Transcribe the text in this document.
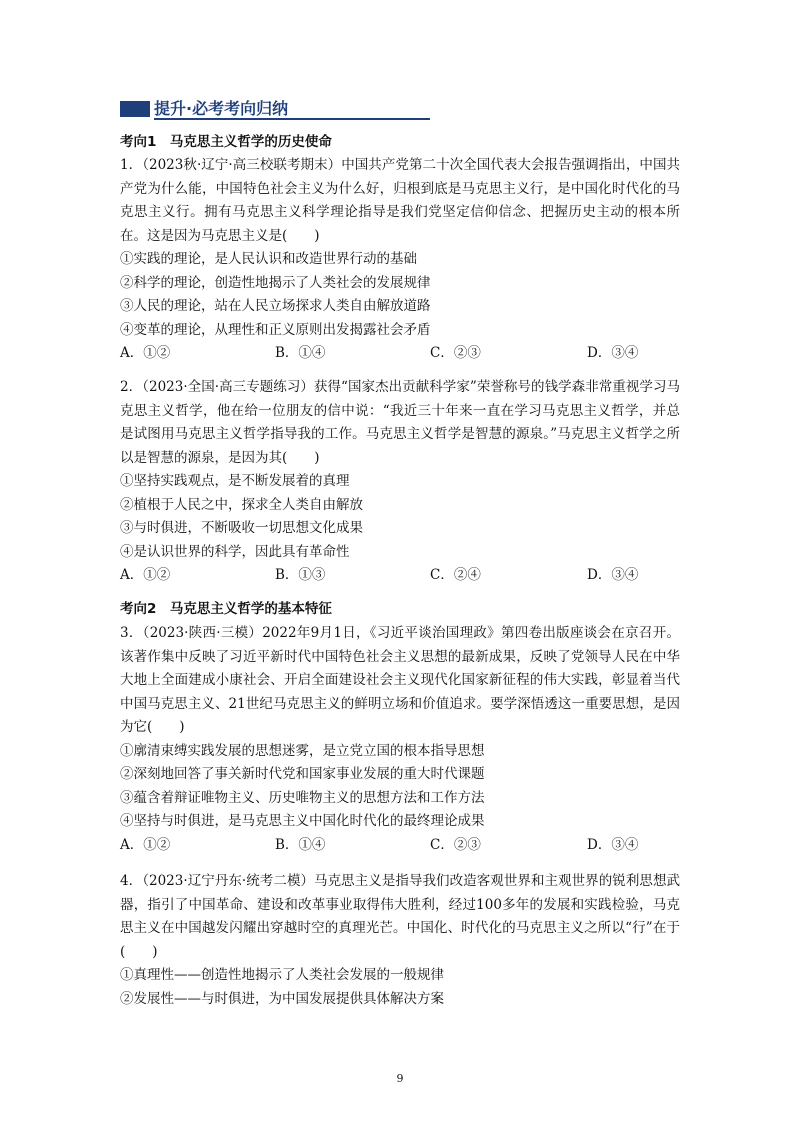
提升·必考考向归纳
考向1  马克思主义哲学的历史使命

1．（2023秋·辽宁·高三校联考期末）中国共产党第二十次全国代表大会报告强调指出，中国共产党为什么能，中国特色社会主义为什么好，归根到底是马克思主义行，是中国化时代化的马克思主义行。拥有马克思主义科学理论指导是我们党坚定信仰信念、把握历史主动的根本所在。这是因为马克思主义是(　　)

①实践的理论，是人民认识和改造世界行动的基础

②科学的理论，创造性地揭示了人类社会的发展规律

③人民的理论，站在人民立场探求人类自由解放道路

④变革的理论，从理性和正义原则出发揭露社会矛盾

A．①②	B．①④	C．②③	D．③④

2．（2023·全国·高三专题练习）获得“国家杰出贡献科学家”荣誉称号的钱学森非常重视学习马克思主义哲学，他在给一位朋友的信中说：“我近三十年来一直在学习马克思主义哲学，并总是试图用马克思主义哲学指导我的工作。马克思主义哲学是智慧的源泉。”马克思主义哲学之所以是智慧的源泉，是因为其(　　)

①坚持实践观点，是不断发展着的真理

②植根于人民之中，探求全人类自由解放

③与时俱进，不断吸收一切思想文化成果

④是认识世界的科学，因此具有革命性

A．①②	B．①③	C．②④	D．③④
考向2  马克思主义哲学的基本特征

3．（2023·陕西·三模）2022年9月1日，《习近平谈治国理政》第四卷出版座谈会在京召开。该著作集中反映了习近平新时代中国特色社会主义思想的最新成果，反映了党领导人民在中华大地上全面建成小康社会、开启全面建设社会主义现代化国家新征程的伟大实践，彰显着当代中国马克思主义、21世纪马克思主义的鲜明立场和价值追求。要学深悟透这一重要思想，是因为它(　　)

①廓清束缚实践发展的思想迷雾，是立党立国的根本指导思想

②深刻地回答了事关新时代党和国家事业发展的重大时代课题

③蕴含着辩证唯物主义、历史唯物主义的思想方法和工作方法

④坚持与时俱进，是马克思主义中国化时代化的最终理论成果

A．①②	B．①④	C．②③	D．③④

4．（2023·辽宁丹东·统考二模）马克思主义是指导我们改造客观世界和主观世界的锐利思想武器，指引了中国革命、建设和改革事业取得伟大胜利，经过100多年的发展和实践检验，马克思主义在中国越发闪耀出穿越时空的真理光芒。中国化、时代化的马克思主义之所以“行”在于(　　)

①真理性——创造性地揭示了人类社会发展的一般规律

②发展性——与时俱进，为中国发展提供具体解决方案

9
